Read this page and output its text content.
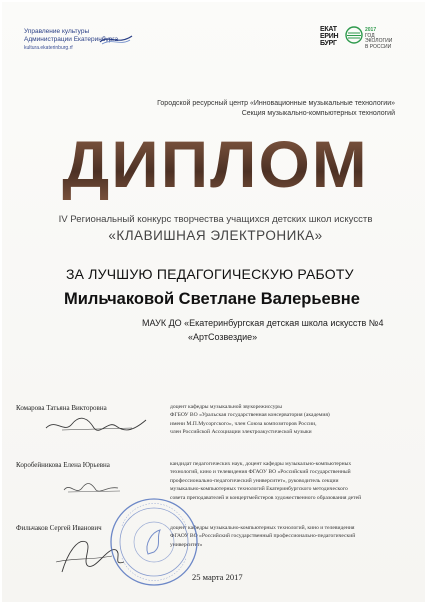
Управление культуры
Администрации Екатеринбурга
kultura.ekaterinburg.rf
ЕКАТ
ЕРИН
БУРГ
2017
ГОД ЭКОЛОГИИ В РОССИИ
Городской ресурсный центр «Инновационные музыкальные технологии»
Секция музыкально-компьютерных технологий
ДИПЛОМ
IV Региональный конкурс творчества учащихся детских школ искусств
«КЛАВИШНАЯ ЭЛЕКТРОНИКА»
ЗА ЛУЧШУЮ ПЕДАГОГИЧЕСКУЮ РАБОТУ
Мильчаковой Светлане Валерьевне
МАУК ДО «Екатеринбургская детская школа искусств №4
«АртСозвездие»
Комарова Татьяна Викторовна	доцент кафедры музыкальной звукорежиссуры
ФГБОУ ВО «Уральская государственная консерватория (академия)
имени М.П.Мусоргского», член Союза композиторов России,
член Российской Ассоциации электроакустической музыки
Коробейникова Елена Юрьевна	кандидат педагогических наук, доцент кафедры музыкально-компьютерных
технологий, кино и телевидения ФГАОУ ВО «Российский государственный
профессионально-педагогический университет», руководитель секции
музыкально-компьютерных технологий Екатеринбургского методического
совета преподавателей и концертмейстеров художественного образования детей
Фильчаков Сергей Иванович	доцент кафедры музыкально-компьютерных технологий, кино и телевидения
ФГАОУ ВО «Российский государственный профессионально-педагогический
университет»
25 марта 2017
